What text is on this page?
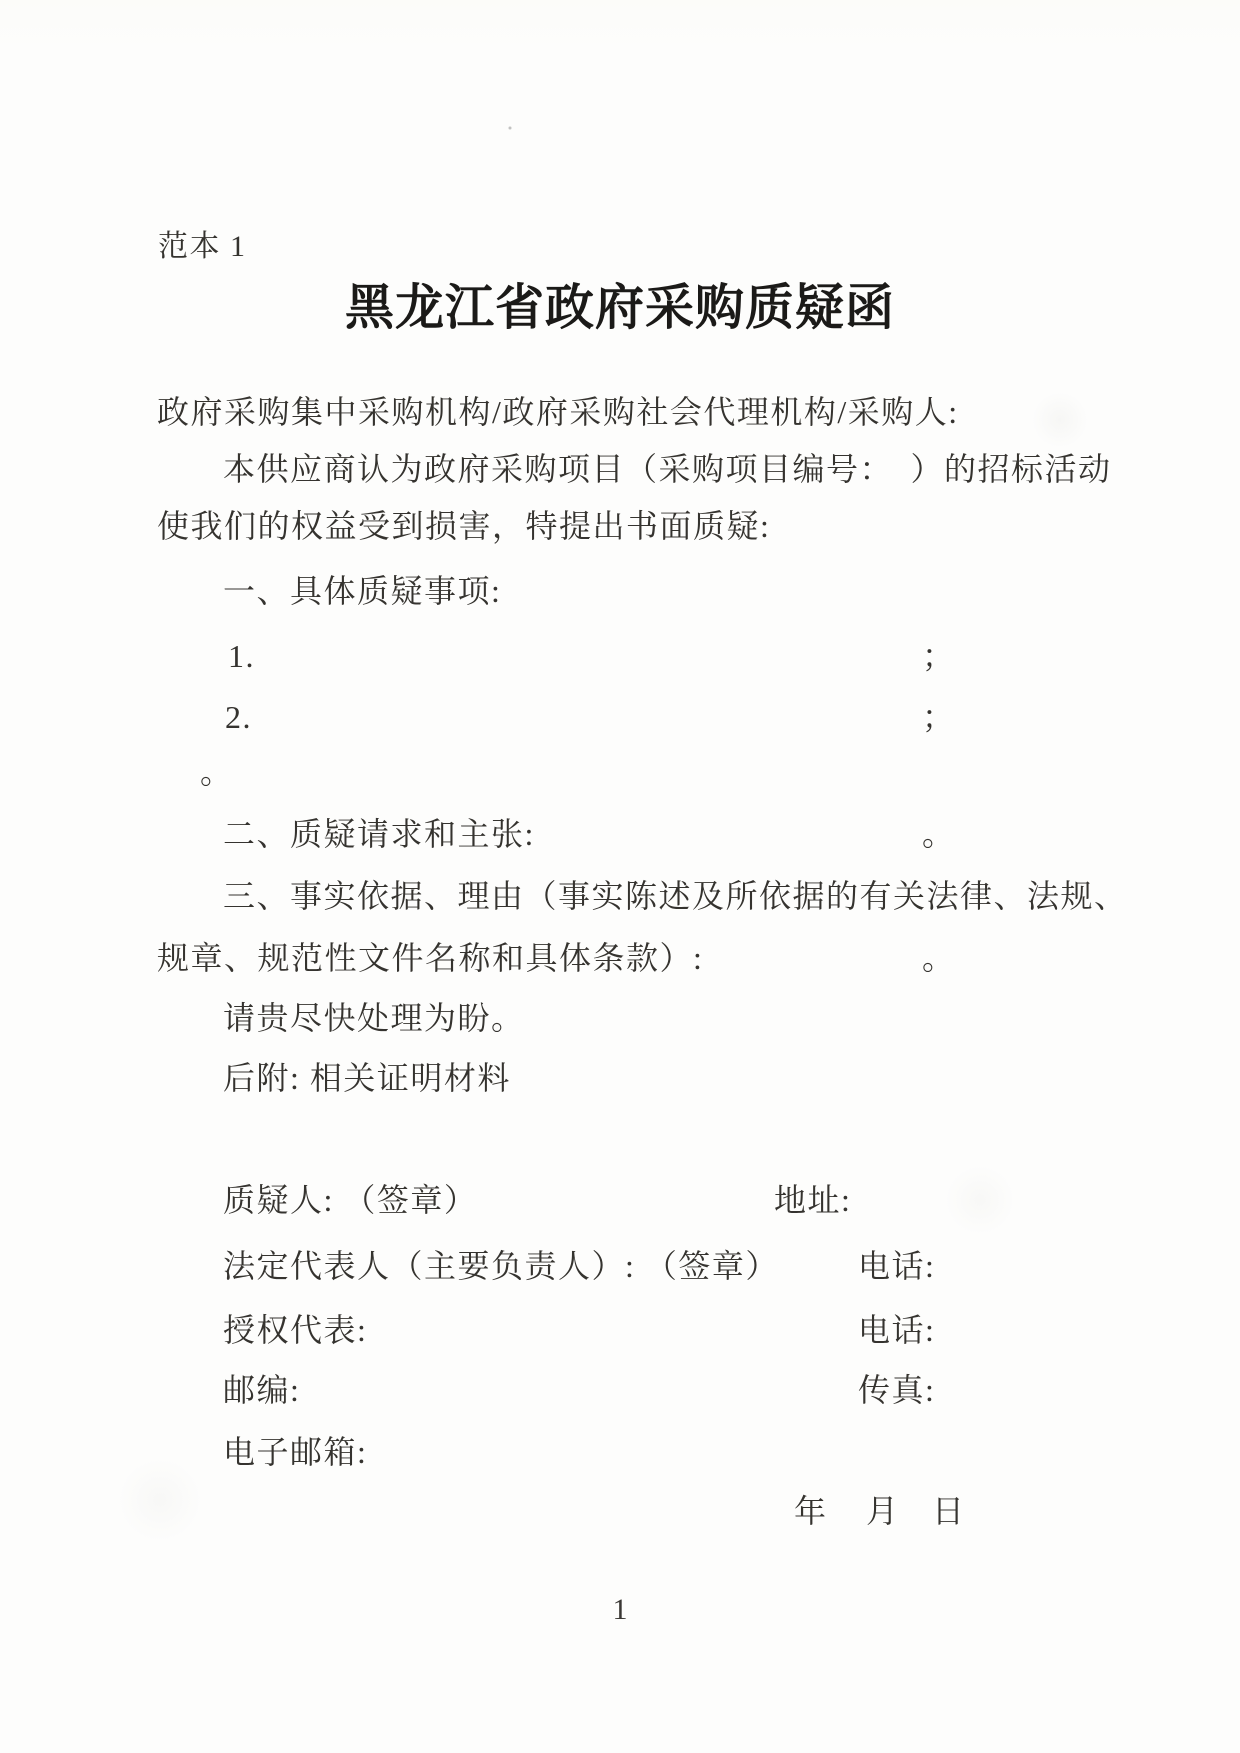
范本 1
黑龙江省政府采购质疑函
政府采购集中采购机构/政府采购社会代理机构/采购人:
本供应商认为政府采购项目（采购项目编号：　）的招标活动
使我们的权益受到损害，特提出书面质疑:
一、具体质疑事项:
1.	；
2.	；
。
二、质疑请求和主张:	。
三、事实依据、理由（事实陈述及所依据的有关法律、法规、
规章、规范性文件名称和具体条款）:	。
请贵尽快处理为盼。
后附: 相关证明材料
质疑人: （签章）	地址:
法定代表人（主要负责人）: （签章） 电话:
授权代表:	电话:
邮编:	传真:
电子邮箱:
年 月 日
1
